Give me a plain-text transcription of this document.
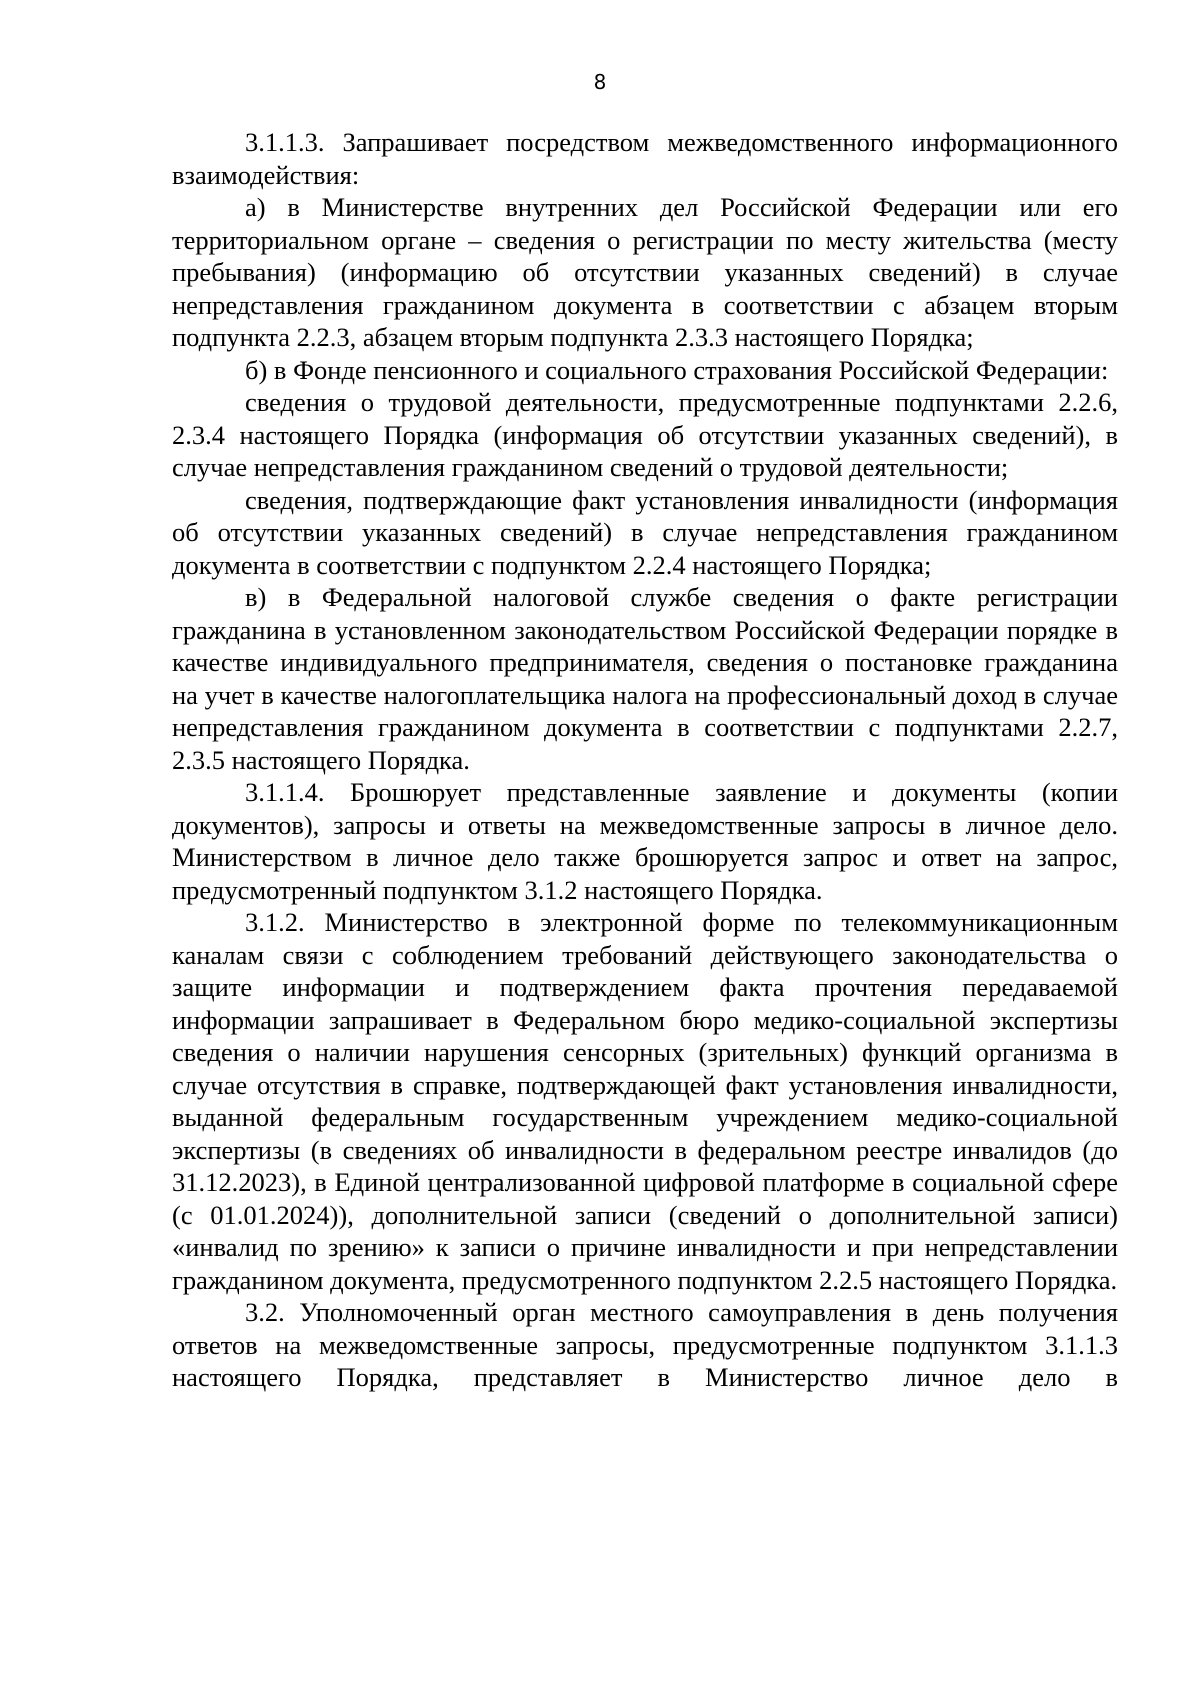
8

3.1.1.3. Запрашивает посредством межведомственного информационного взаимодействия:

а) в Министерстве внутренних дел Российской Федерации или его территориальном органе – сведения о регистрации по месту жительства (месту пребывания) (информацию об отсутствии указанных сведений) в случае непредставления гражданином документа в соответствии с абзацем вторым подпункта 2.2.3, абзацем вторым подпункта 2.3.3 настоящего Порядка;

б) в Фонде пенсионного и социального страхования Российской Федерации:

сведения о трудовой деятельности, предусмотренные подпунктами 2.2.6, 2.3.4 настоящего Порядка (информация об отсутствии указанных сведений), в случае непредставления гражданином сведений о трудовой деятельности;

сведения, подтверждающие факт установления инвалидности (информация об отсутствии указанных сведений) в случае непредставления гражданином документа в соответствии с подпунктом 2.2.4 настоящего Порядка;

в) в Федеральной налоговой службе сведения о факте регистрации гражданина в установленном законодательством Российской Федерации порядке в качестве индивидуального предпринимателя, сведения о постановке гражданина на учет в качестве налогоплательщика налога на профессиональный доход в случае непредставления гражданином документа в соответствии с подпунктами 2.2.7, 2.3.5 настоящего Порядка.

3.1.1.4. Брошюрует представленные заявление и документы (копии документов), запросы и ответы на межведомственные запросы в личное дело. Министерством в личное дело также брошюруется запрос и ответ на запрос, предусмотренный подпунктом 3.1.2 настоящего Порядка.

3.1.2. Министерство в электронной форме по телекоммуникационным каналам связи с соблюдением требований действующего законодательства о защите информации и подтверждением факта прочтения передаваемой информации запрашивает в Федеральном бюро медико-социальной экспертизы сведения о наличии нарушения сенсорных (зрительных) функций организма в случае отсутствия в справке, подтверждающей факт установления инвалидности, выданной федеральным государственным учреждением медико-социальной экспертизы (в сведениях об инвалидности в федеральном реестре инвалидов (до 31.12.2023), в Единой централизованной цифровой платформе в социальной сфере (с 01.01.2024)), дополнительной записи (сведений о дополнительной записи) «инвалид по зрению» к записи о причине инвалидности и при непредставлении гражданином документа, предусмотренного подпунктом 2.2.5 настоящего Порядка.

3.2. Уполномоченный орган местного самоуправления в день получения ответов на межведомственные запросы, предусмотренные подпунктом 3.1.1.3 настоящего Порядка, представляет в Министерство личное дело в
